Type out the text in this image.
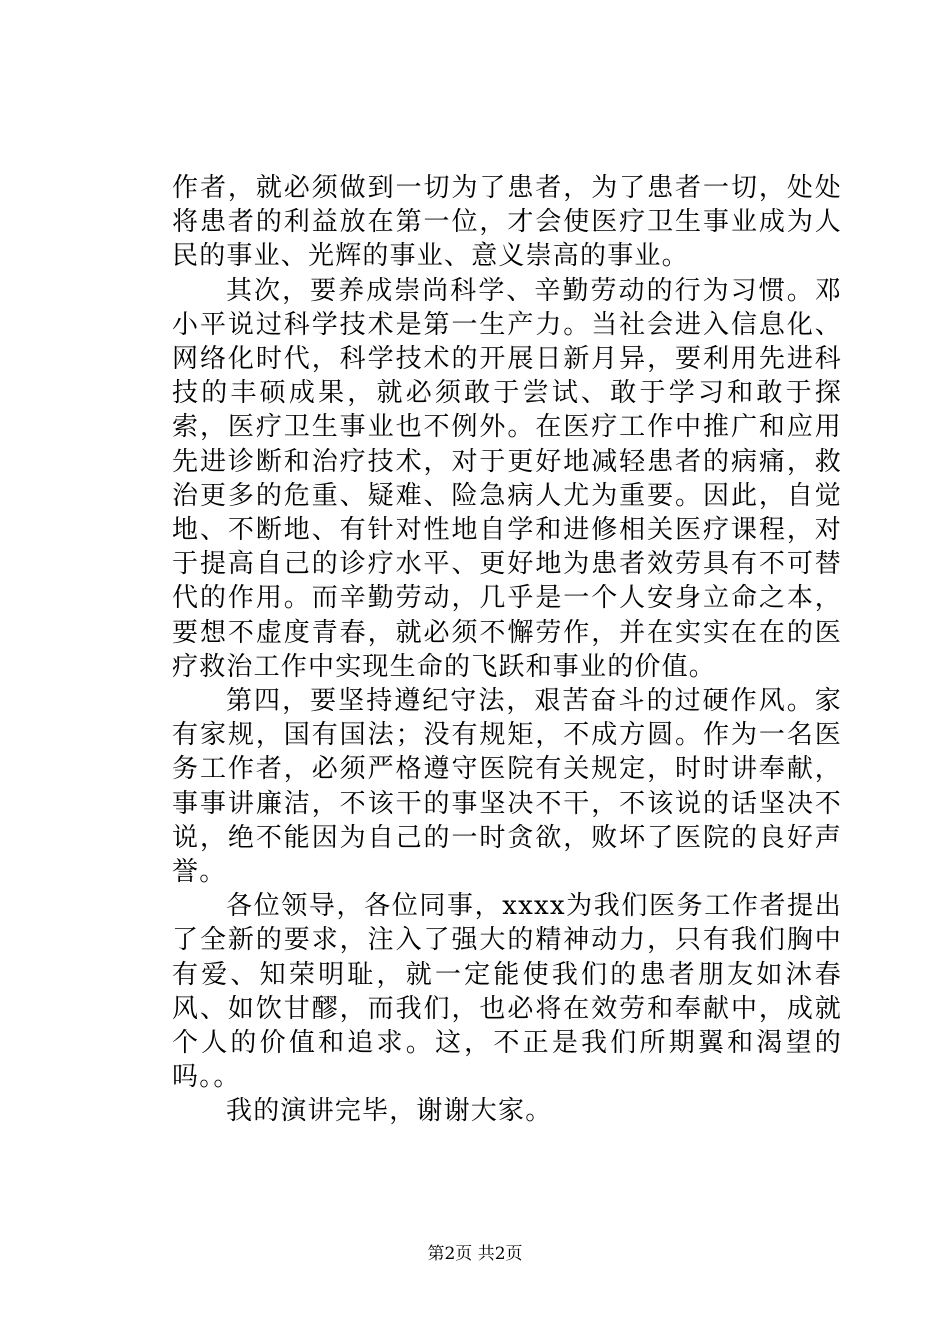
作者，就必须做到一切为了患者，为了患者一切，处处将患者的利益放在第一位，才会使医疗卫生事业成为人民的事业、光辉的事业、意义崇高的事业。

其次，要养成崇尚科学、辛勤劳动的行为习惯。邓小平说过科学技术是第一生产力。当社会进入信息化、网络化时代，科学技术的开展日新月异，要利用先进科技的丰硕成果，就必须敢于尝试、敢于学习和敢于探索，医疗卫生事业也不例外。在医疗工作中推广和应用先进诊断和治疗技术，对于更好地减轻患者的病痛，救治更多的危重、疑难、险急病人尤为重要。因此，自觉地、不断地、有针对性地自学和进修相关医疗课程，对于提高自己的诊疗水平、更好地为患者效劳具有不可替代的作用。而辛勤劳动，几乎是一个人安身立命之本，要想不虚度青春，就必须不懈劳作，并在实实在在的医疗救治工作中实现生命的飞跃和事业的价值。

第四，要坚持遵纪守法，艰苦奋斗的过硬作风。家有家规，国有国法；没有规矩，不成方圆。作为一名医务工作者，必须严格遵守医院有关规定，时时讲奉献，事事讲廉洁，不该干的事坚决不干，不该说的话坚决不说，绝不能因为自己的一时贪欲，败坏了医院的良好声誉。

各位领导，各位同事，xxxx为我们医务工作者提出了全新的要求，注入了强大的精神动力，只有我们胸中有爱、知荣明耻，就一定能使我们的患者朋友如沐春风、如饮甘醪，而我们，也必将在效劳和奉献中，成就个人的价值和追求。这，不正是我们所期翼和渴望的吗。。

我的演讲完毕，谢谢大家。

第2页 共2页
